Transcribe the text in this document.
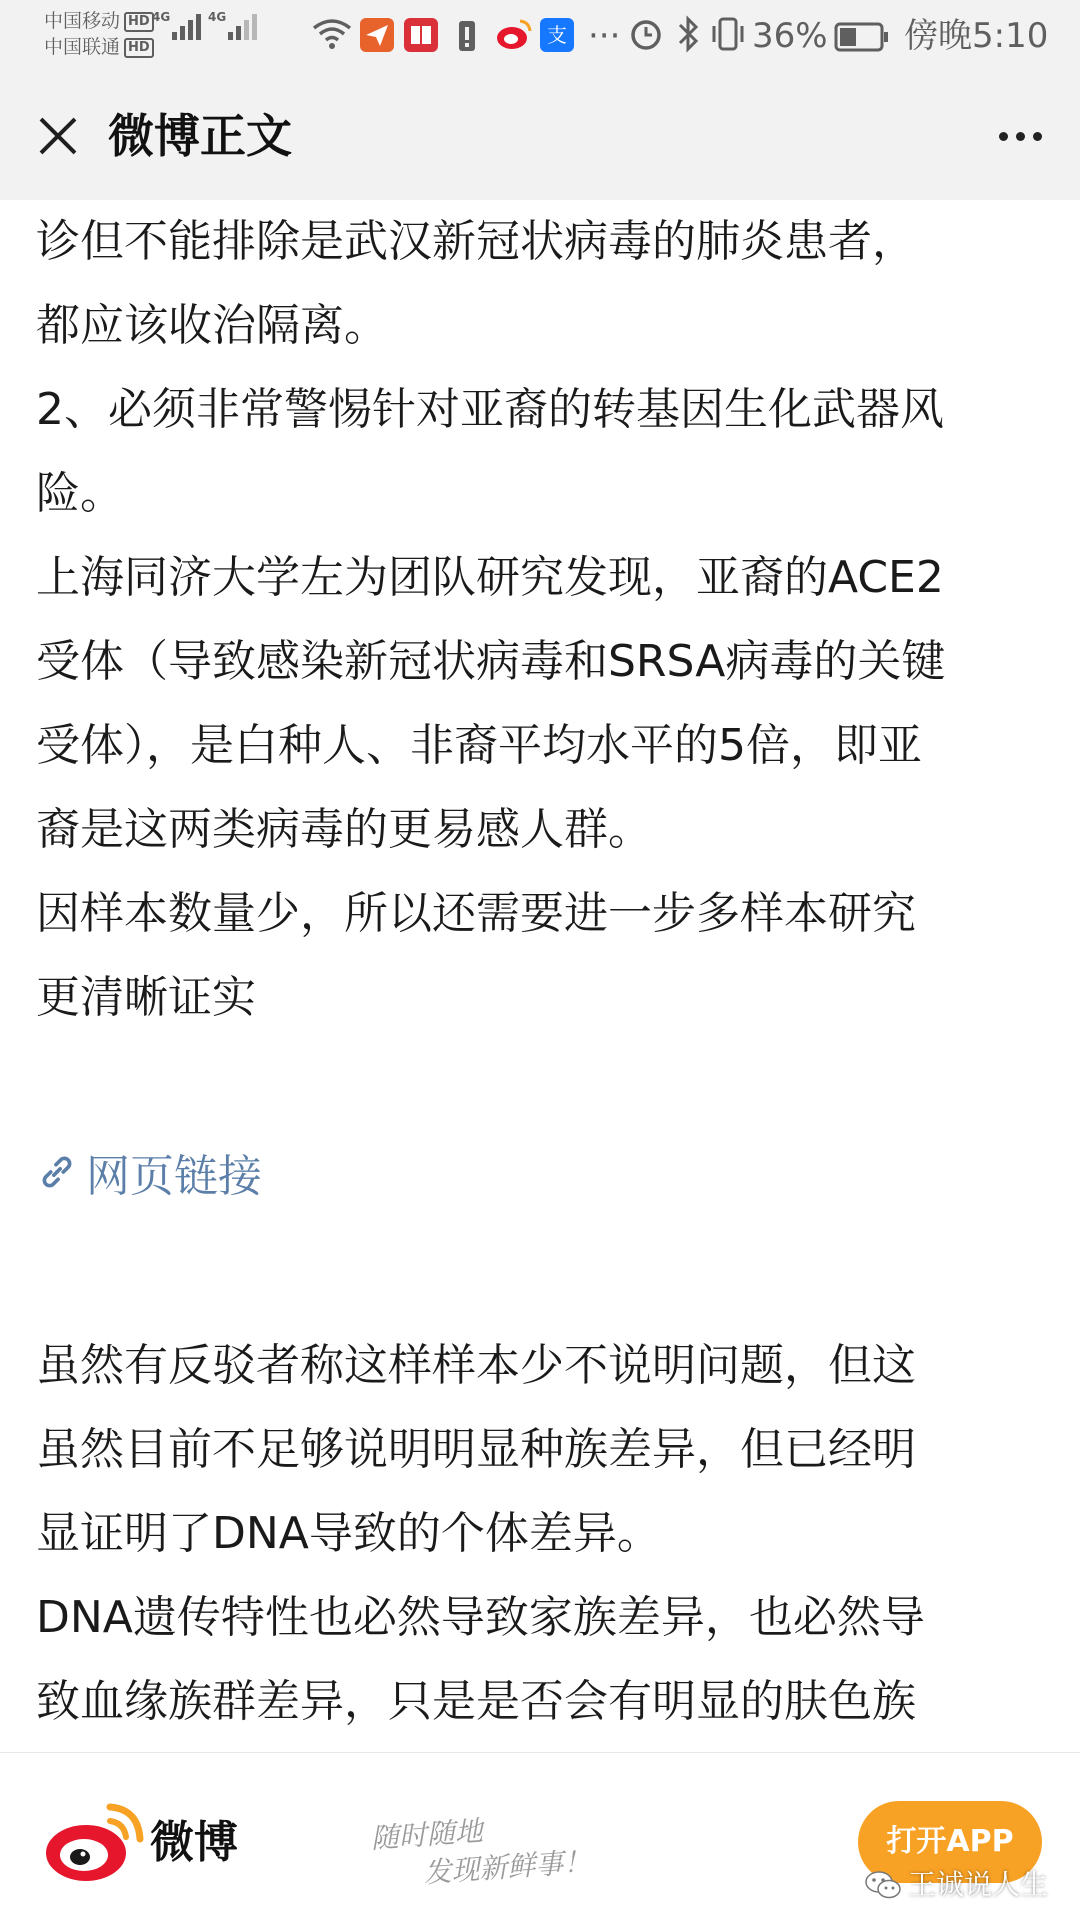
中国移动 HD
中国联通 HD
4G	4G
支 ···	36% 傍晚5:10
微博正文
诊但不能排除是武汉新冠状病毒的肺炎患者，
都应该收治隔离。
2、必须非常警惕针对亚裔的转基因生化武器风
险。
上海同济大学左为团队研究发现，亚裔的ACE2
受体（导致感染新冠状病毒和SRSA病毒的关键
受体），是白种人、非裔平均水平的5倍，即亚
裔是这两类病毒的更易感人群。
因样本数量少，所以还需要进一步多样本研究
更清晰证实
网页链接
虽然有反驳者称这样样本少不说明问题，但这
虽然目前不足够说明明显种族差异，但已经明
显证明了DNA导致的个体差异。
DNA遗传特性也必然导致家族差异，也必然导
致血缘族群差异，只是是否会有明显的肤色族
微博	随时随地
发现新鲜事！
打开APP
王诚说人生
